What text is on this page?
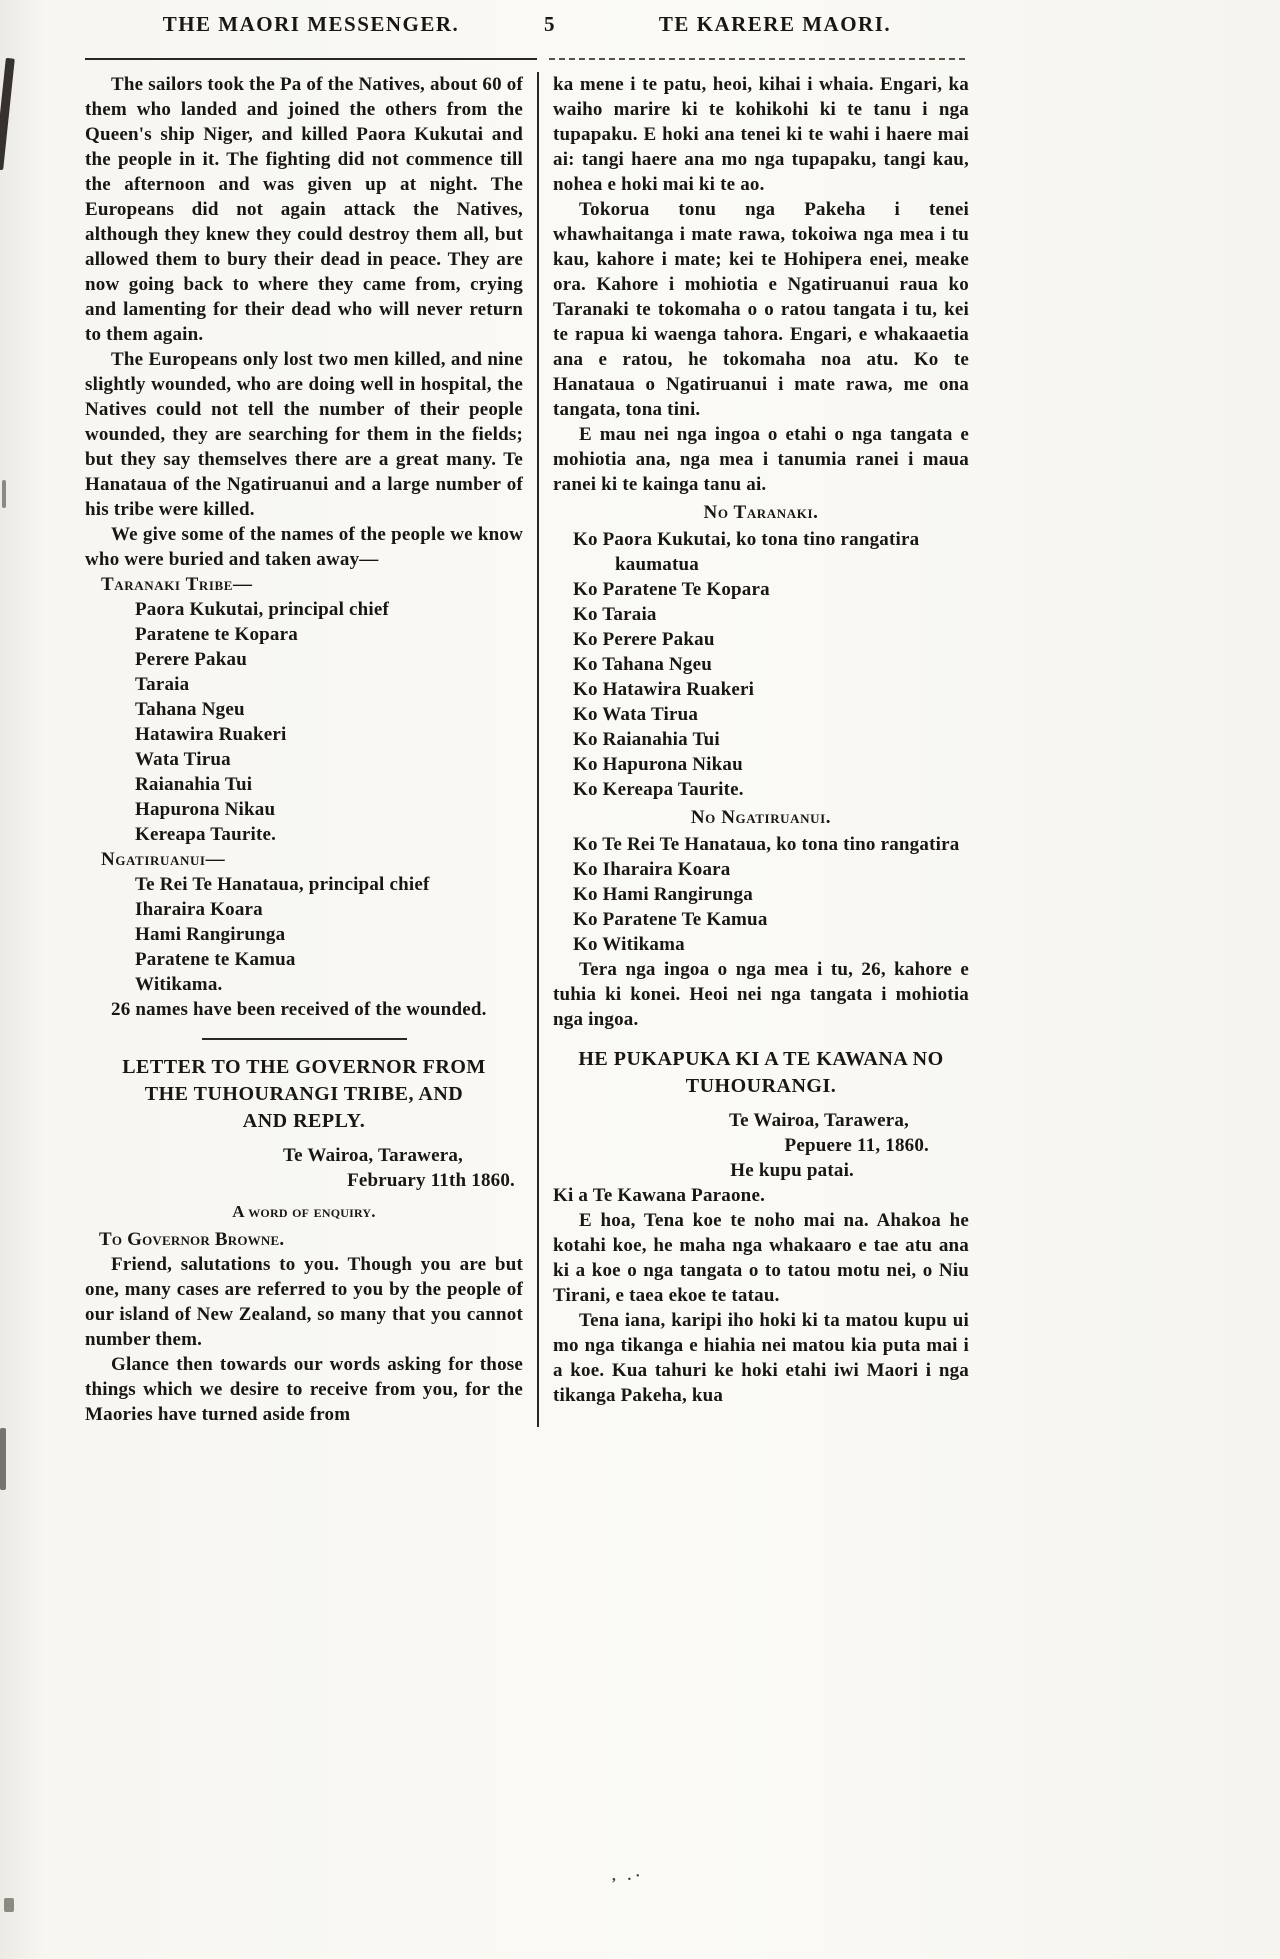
THE MAORI MESSENGER.	5	TE KARERE MAORI.

The sailors took the Pa of the Natives, about 60 of them who landed and joined the others from the Queen's ship Niger, and killed Paora Kukutai and the people in it. The fighting did not commence till the afternoon and was given up at night. The Europeans did not again attack the Natives, although they knew they could destroy them all, but allowed them to bury their dead in peace. They are now going back to where they came from, crying and lamenting for their dead who will never return to them again.

The Europeans only lost two men killed, and nine slightly wounded, who are doing well in hospital, the Natives could not tell the number of their people wounded, they are searching for them in the fields; but they say themselves there are a great many. Te Hanataua of the Ngatiruanui and a large number of his tribe were killed.

We give some of the names of the people we know who were buried and taken away—

Taranaki Tribe—
Paora Kukutai, principal chief
Paratene te Kopara
Perere Pakau
Taraia
Tahana Ngeu
Hatawira Ruakeri
Wata Tirua
Raianahia Tui
Hapurona Nikau
Kereapa Taurite.
Ngatiruanui—
Te Rei Te Hanataua, principal chief
Iharaira Koara
Hami Rangirunga
Paratene te Kamua
Witikama.

26 names have been received of the wounded.

LETTER TO THE GOVERNOR FROM
THE TUHOURANGI TRIBE, AND
AND REPLY.
Te Wairoa, Tarawera,
February 11th 1860.
A word of enquiry.
To Governor Browne.

Friend, salutations to you. Though you are but one, many cases are referred to you by the people of our island of New Zealand, so many that you cannot number them.

Glance then towards our words asking for those things which we desire to receive from you, for the Maories have turned aside from

ka mene i te patu, heoi, kihai i whaia. Engari, ka waiho marire ki te kohikohi ki te tanu i nga tupapaku. E hoki ana tenei ki te wahi i haere mai ai: tangi haere ana mo nga tupapaku, tangi kau, nohea e hoki mai ki te ao.

Tokorua tonu nga Pakeha i tenei whawhaitanga i mate rawa, tokoiwa nga mea i tu kau, kahore i mate; kei te Hohipera enei, meake ora. Kahore i mohiotia e Ngatiruanui raua ko Taranaki te tokomaha o o ratou tangata i tu, kei te rapua ki waenga tahora. Engari, e whakaaetia ana e ratou, he tokomaha noa atu. Ko te Hanataua o Ngatiruanui i mate rawa, me ona tangata, tona tini.

E mau nei nga ingoa o etahi o nga tangata e mohiotia ana, nga mea i tanumia ranei i maua ranei ki te kainga tanu ai.

No Taranaki.
Ko Paora Kukutai, ko tona tino rangatira kaumatua
Ko Paratene Te Kopara
Ko Taraia
Ko Perere Pakau
Ko Tahana Ngeu
Ko Hatawira Ruakeri
Ko Wata Tirua
Ko Raianahia Tui
Ko Hapurona Nikau
Ko Kereapa Taurite.
No Ngatiruanui.
Ko Te Rei Te Hanataua, ko tona tino rangatira
Ko Iharaira Koara
Ko Hami Rangirunga
Ko Paratene Te Kamua
Ko Witikama

Tera nga ingoa o nga mea i tu, 26, kahore e tuhia ki konei. Heoi nei nga tangata i mohiotia nga ingoa.

HE PUKAPUKA KI A TE KAWANA NO
TUHOURANGI.
Te Wairoa, Tarawera,
Pepuere 11, 1860.
He kupu patai.
Ki a Te Kawana Paraone.

E hoa, Tena koe te noho mai na. Ahakoa he kotahi koe, he maha nga whakaaro e tae atu ana ki a koe o nga tangata o to tatou motu nei, o Niu Tirani, e taea ekoe te tatau.

Tena iana, karipi iho hoki ki ta matou kupu ui mo nga tikanga e hiahia nei matou kia puta mai i a koe. Kua tahuri ke hoki etahi iwi Maori i nga tikanga Pakeha, kua

, .·
